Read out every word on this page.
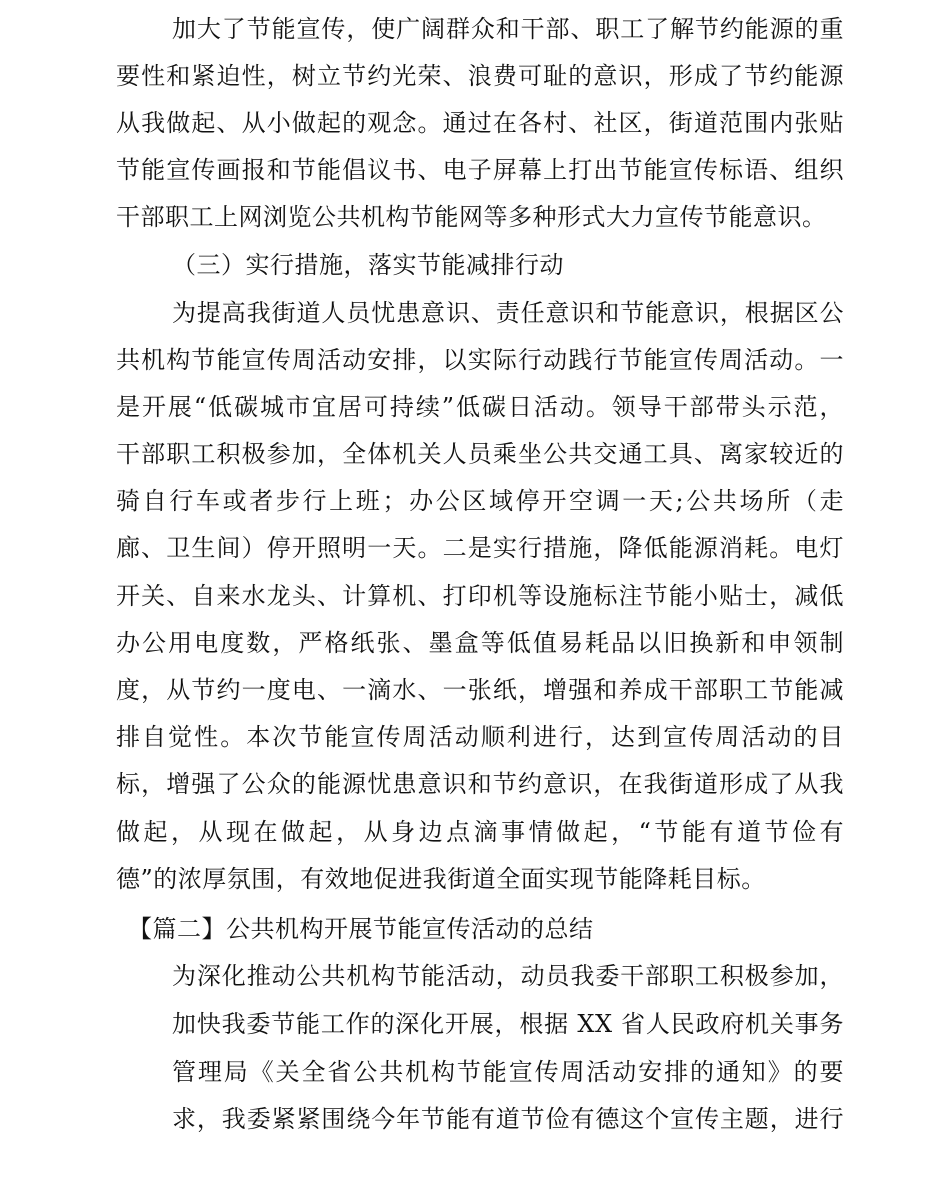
加大了节能宣传，使广阔群众和干部、职工了解节约能源的重
要性和紧迫性，树立节约光荣、浪费可耻的意识，形成了节约能源
从我做起、从小做起的观念。通过在各村、社区，街道范围内张贴
节能宣传画报和节能倡议书、电子屏幕上打出节能宣传标语、组织
干部职工上网浏览公共机构节能网等多种形式大力宣传节能意识。
（三）实行措施，落实节能减排行动
为提高我街道人员忧患意识、责任意识和节能意识，根据区公
共机构节能宣传周活动安排，以实际行动践行节能宣传周活动。一
是开展“低碳城市宜居可持续”低碳日活动。领导干部带头示范，
干部职工积极参加，全体机关人员乘坐公共交通工具、离家较近的
骑自行车或者步行上班；办公区域停开空调一天;公共场所（走
廊、卫生间）停开照明一天。二是实行措施，降低能源消耗。电灯
开关、自来水龙头、计算机、打印机等设施标注节能小贴士，减低
办公用电度数，严格纸张、墨盒等低值易耗品以旧换新和申领制
度，从节约一度电、一滴水、一张纸，增强和养成干部职工节能减
排自觉性。本次节能宣传周活动顺利进行，达到宣传周活动的目
标，增强了公众的能源忧患意识和节约意识，在我街道形成了从我
做起，从现在做起，从身边点滴事情做起，“节能有道节俭有
德”的浓厚氛围，有效地促进我街道全面实现节能降耗目标。
【篇二】公共机构开展节能宣传活动的总结
为深化推动公共机构节能活动，动员我委干部职工积极参加，
加快我委节能工作的深化开展，根据 XX 省人民政府机关事务
管理局《关全省公共机构节能宣传周活动安排的通知》的要
求，我委紧紧围绕今年节能有道节俭有德这个宣传主题，进行
